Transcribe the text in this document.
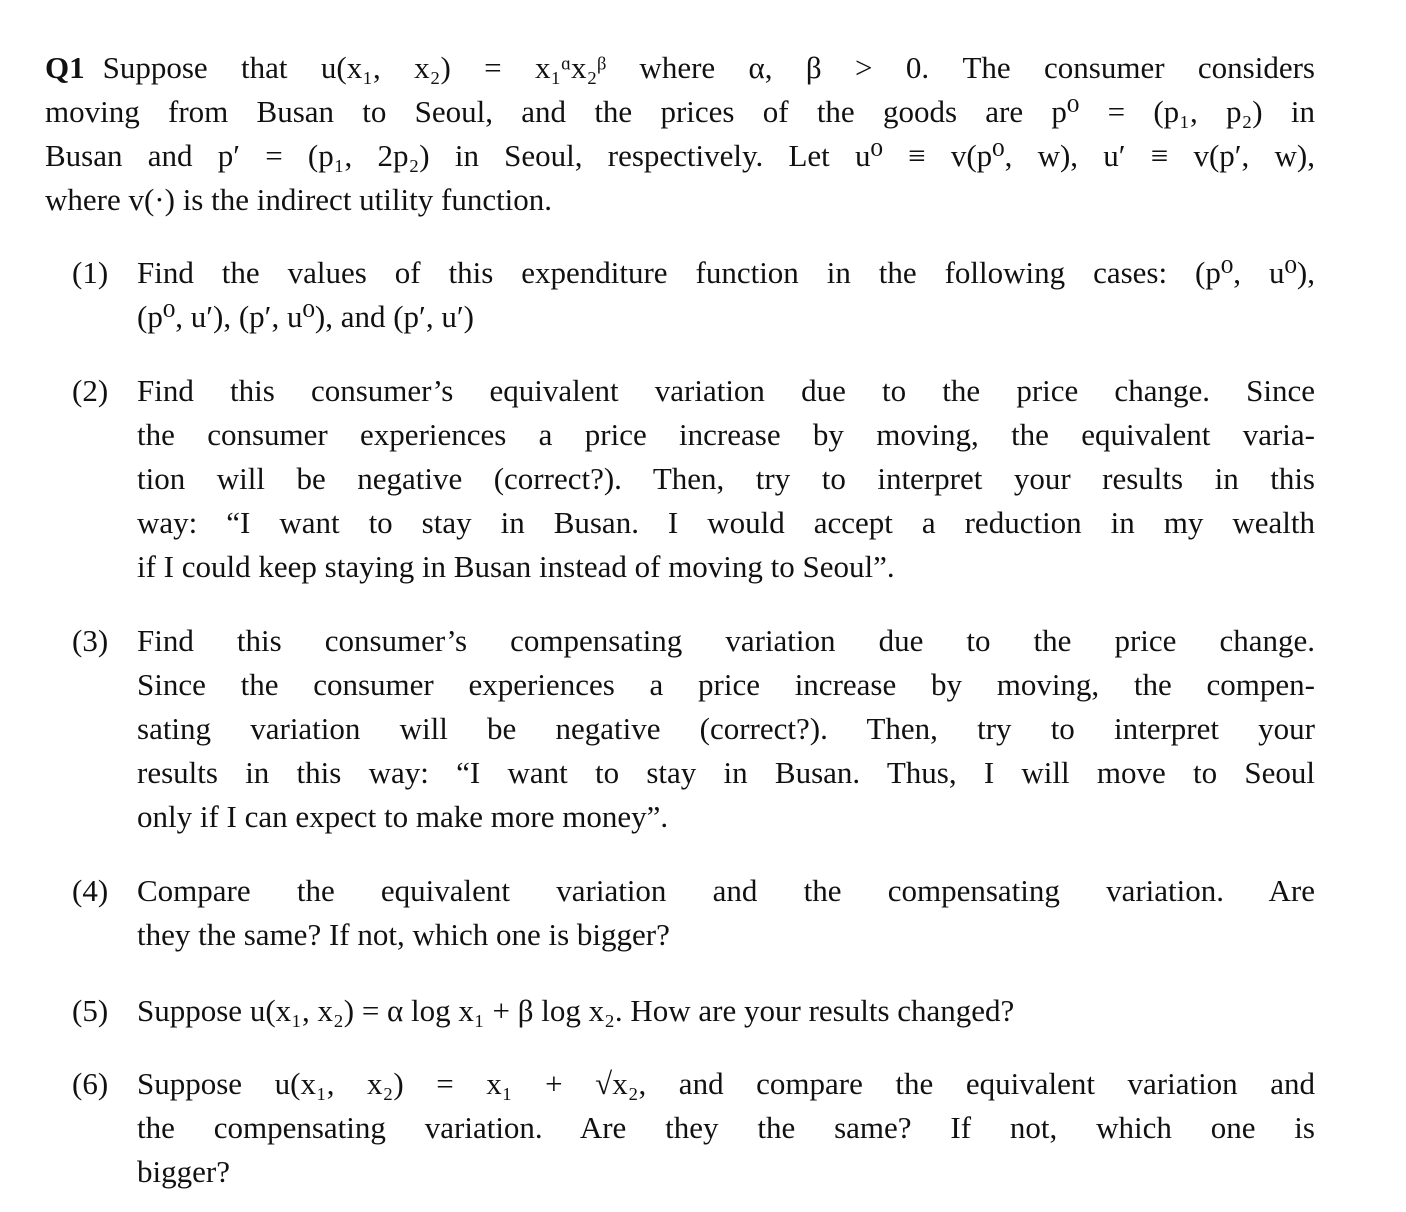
Q1 Suppose that u(x₁, x₂) = x₁ᵅx₂ᵝ where α, β > 0. The consumer considers
moving from Busan to Seoul, and the prices of the goods are p⁰ = (p₁, p₂) in
Busan and p′ = (p₁, 2p₂) in Seoul, respectively. Let u⁰ ≡ v(p⁰, w), u′ ≡ v(p′, w),
where v(·) is the indirect utility function.
(1) Find the values of this expenditure function in the following cases: (p⁰, u⁰),
(p⁰, u′), (p′, u⁰), and (p′, u′)
(2) Find this consumer’s equivalent variation due to the price change. Since
the consumer experiences a price increase by moving, the equivalent varia-
tion will be negative (correct?). Then, try to interpret your results in this
way: “I want to stay in Busan. I would accept a reduction in my wealth
if I could keep staying in Busan instead of moving to Seoul”.
(3) Find this consumer’s compensating variation due to the price change.
Since the consumer experiences a price increase by moving, the compen-
sating variation will be negative (correct?). Then, try to interpret your
results in this way: “I want to stay in Busan. Thus, I will move to Seoul
only if I can expect to make more money”.
(4) Compare the equivalent variation and the compensating variation. Are
they the same? If not, which one is bigger?
(5) Suppose u(x₁, x₂) = α log x₁ + β log x₂. How are your results changed?
(6) Suppose u(x₁, x₂) = x₁ + √x₂, and compare the equivalent variation and
the compensating variation. Are they the same? If not, which one is
bigger?
